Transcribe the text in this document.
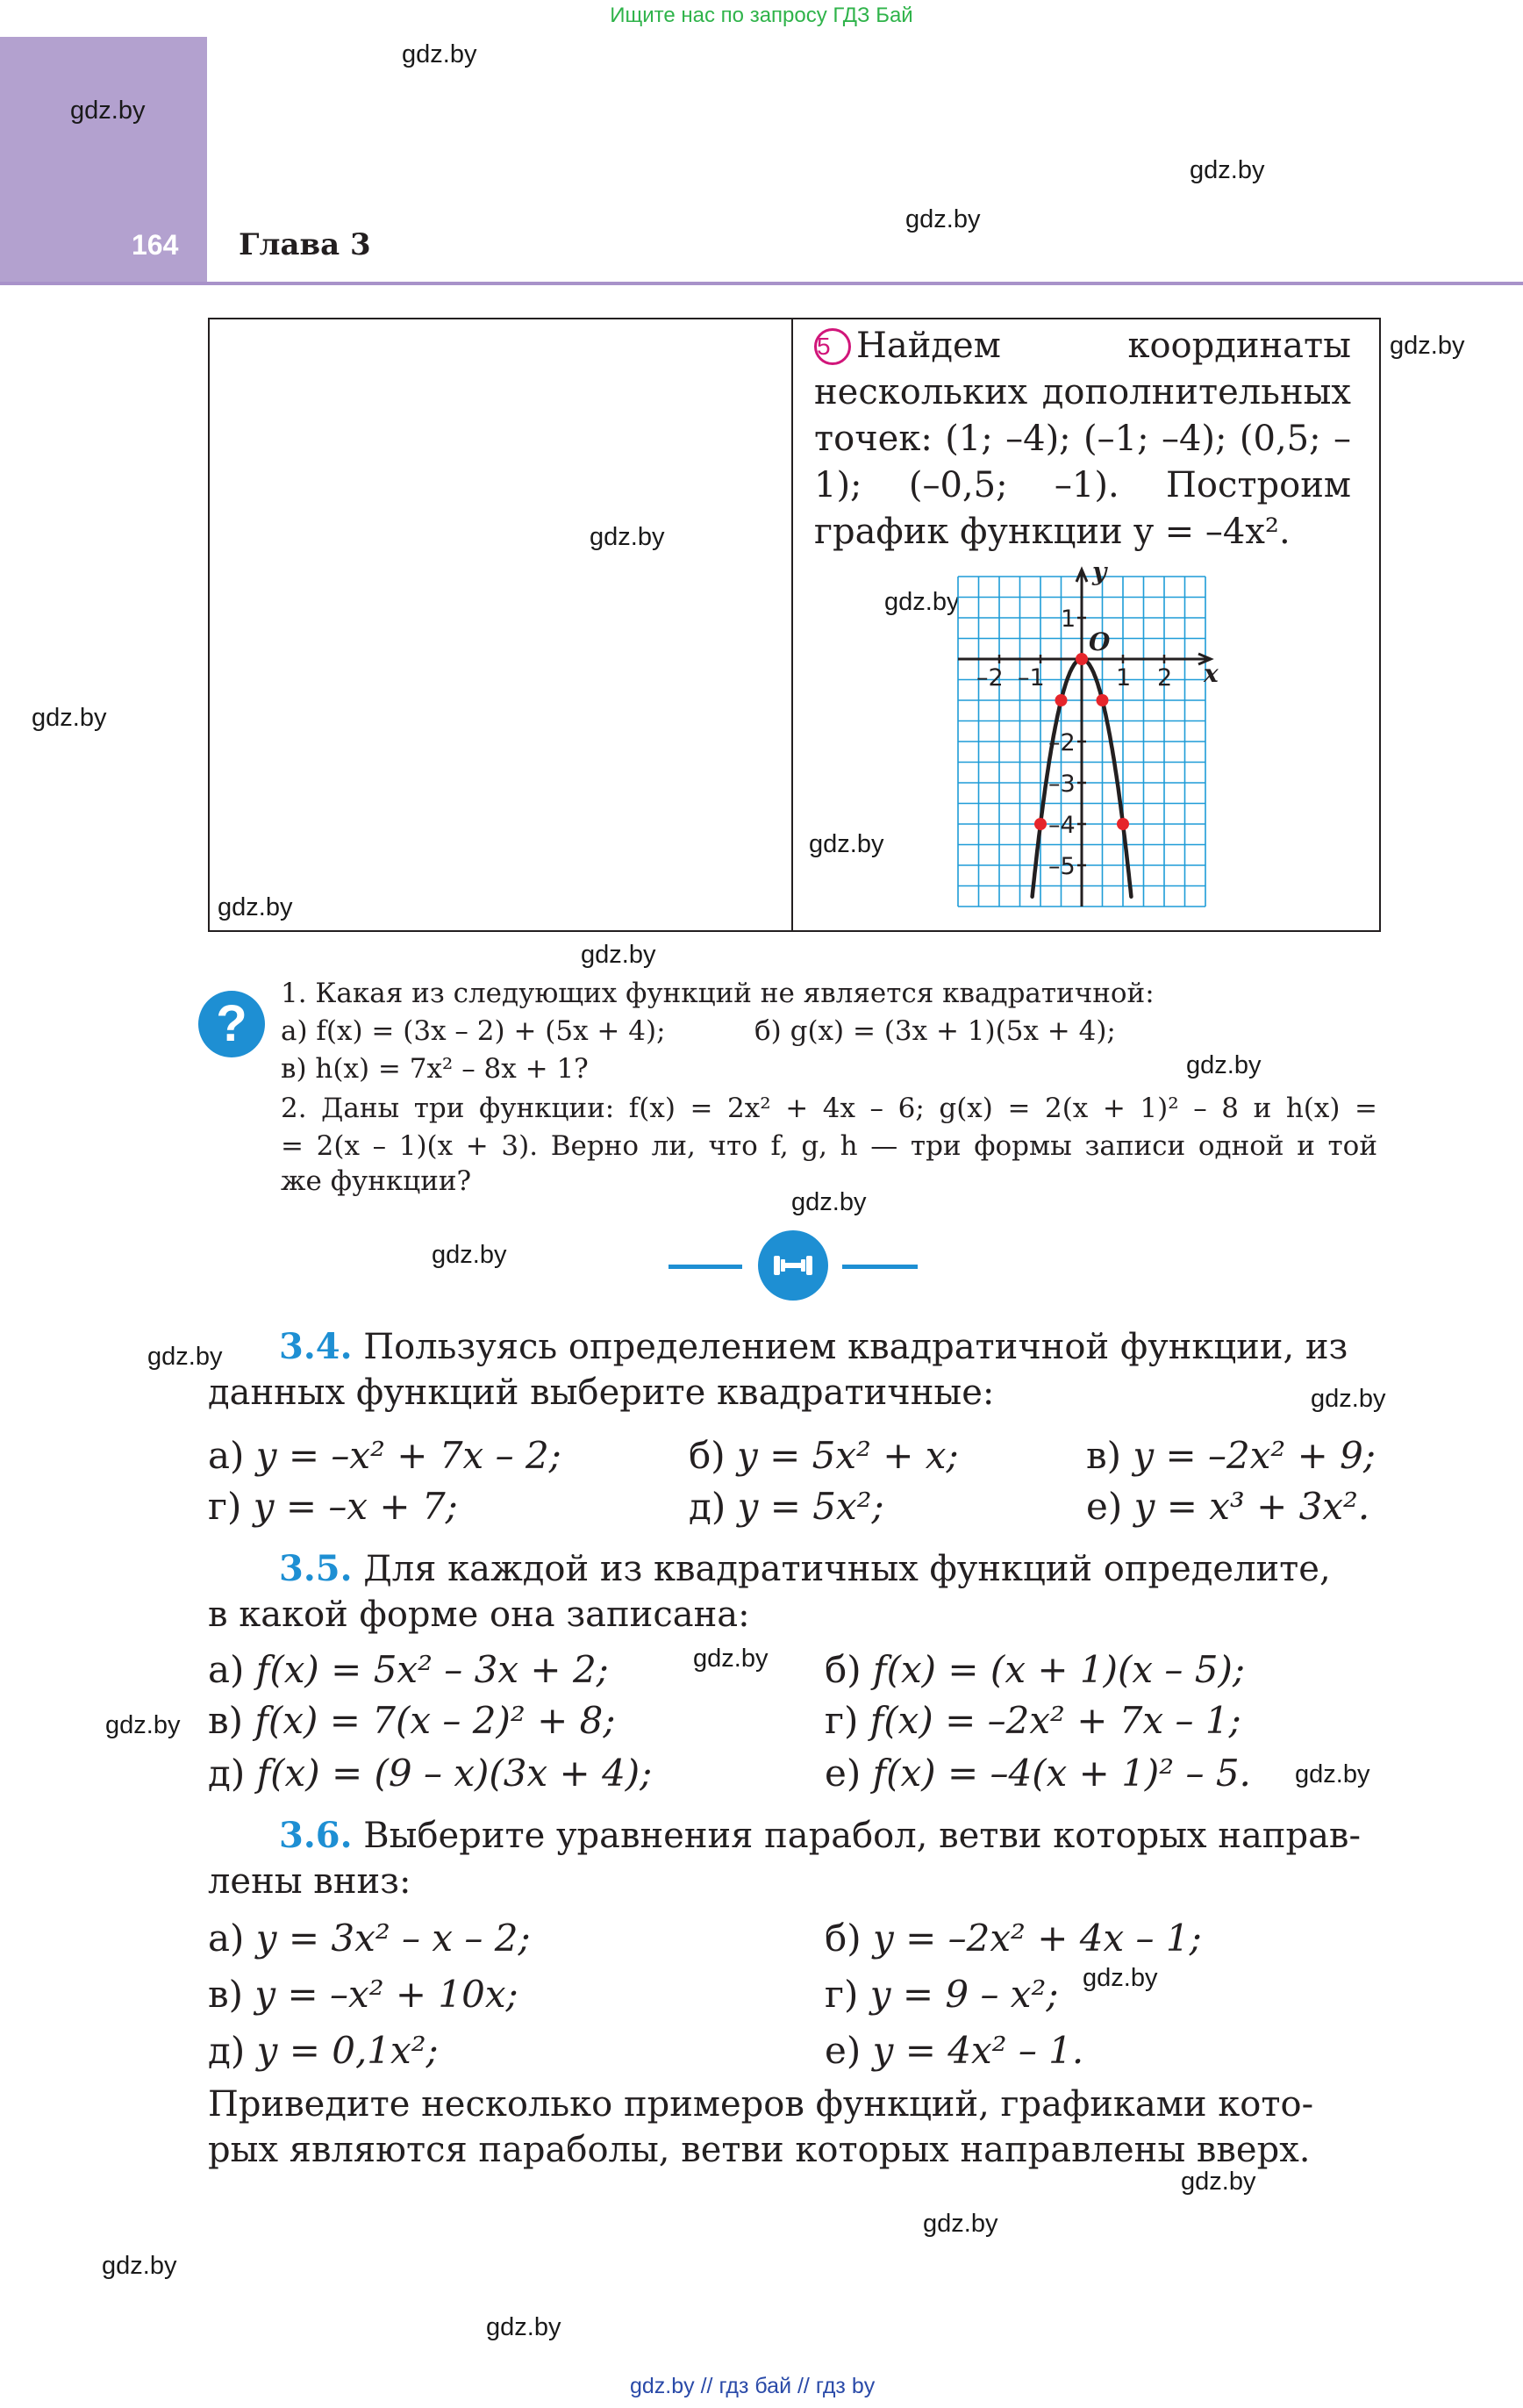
Ищите нас по запросу ГДЗ Бай
164 Глава 3
gdz.by
gdz.by
gdz.by
gdz.by
gdz.by
gdz.by
gdz.by
gdz.by
gdz.by
gdz.by
gdz.by
gdz.by
gdz.by
gdz.by
gdz.by
gdz.by
gdz.by
gdz.by
gdz.by
gdz.by
gdz.by
gdz.by
gdz.by
gdz.by
5 Найдем координаты нескольких дополнительных точек: (1; –4); (–1; –4); (0,5; –1); (–0,5; –1). Построим график функции y = –4x².
–2 –1	1 2
1
–2
–3
–4
–5
O
y
x
?
1. Какая из следующих функций не является квадратичной:
а) f(x) = (3x – 2) + (5x + 4);	б) g(x) = (3x + 1)(5x + 4);
в) h(x) = 7x² – 8x + 1?
2. Даны три функции: f(x) = 2x² + 4x – 6; g(x) = 2(x + 1)² – 8 и h(x) =
= 2(x – 1)(x + 3). Верно ли, что f, g, h — три формы записи одной и той
же функции?
3.4. Пользуясь определением квадратичной функции, из
данных функций выберите квадратичные:
а) y = –x² + 7x – 2;	б) y = 5x² + x;	в) y = –2x² + 9;
г) y = –x + 7;	д) y = 5x²;	е) y = x³ + 3x².
3.5. Для каждой из квадратичных функций определите,
в какой форме она записана:
а) f(x) = 5x² – 3x + 2;	б) f(x) = (x + 1)(x – 5);
в) f(x) = 7(x – 2)² + 8;	г) f(x) = –2x² + 7x – 1;
д) f(x) = (9 – x)(3x + 4);	е) f(x) = –4(x + 1)² – 5.
3.6. Выберите уравнения парабол, ветви которых направ-
лены вниз:
а) y = 3x² – x – 2;	б) y = –2x² + 4x – 1;
в) y = –x² + 10x;	г) y = 9 – x²;
д) y = 0,1x²;	е) y = 4x² – 1.
Приведите несколько примеров функций, графиками кото-
рых являются параболы, ветви которых направлены вверх.
gdz.by // гдз бай // гдз by
